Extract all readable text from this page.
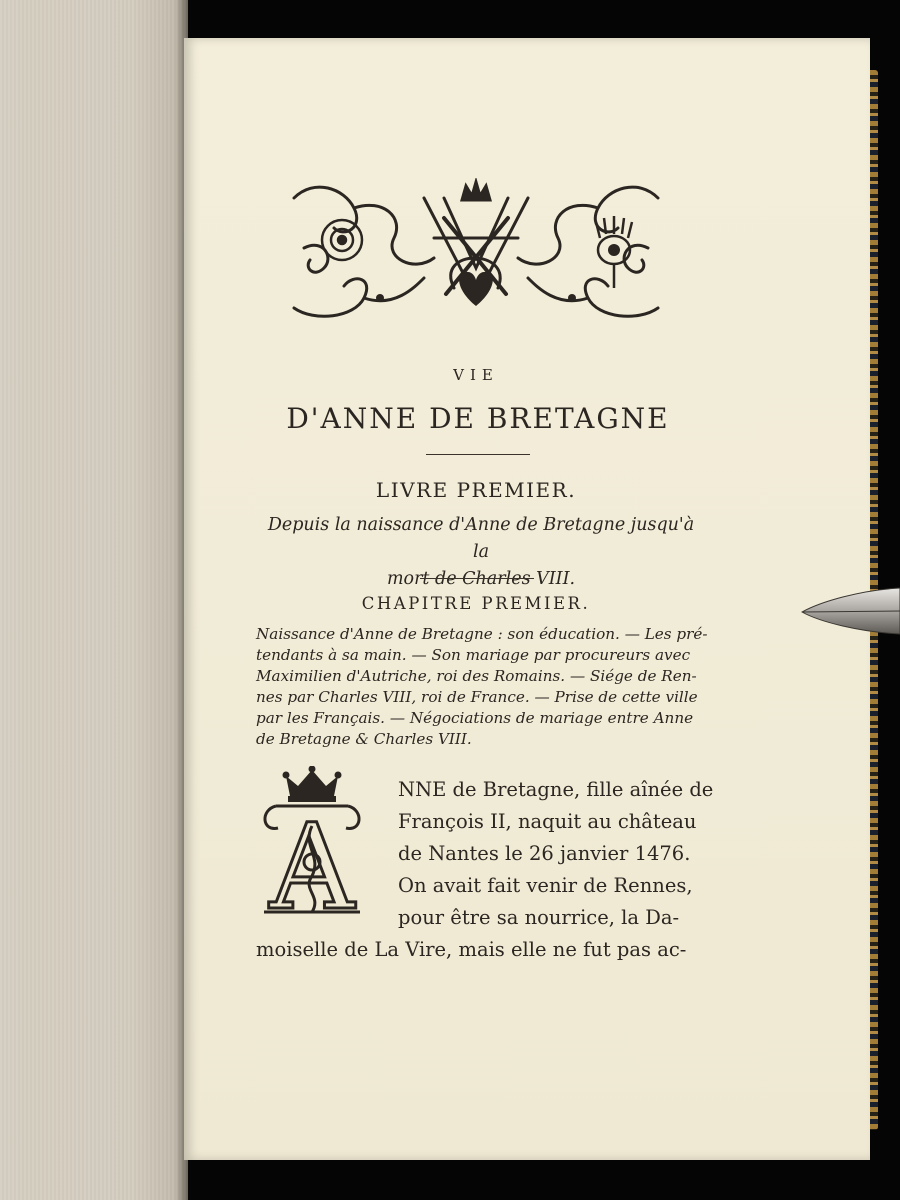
VIE
D'ANNE DE BRETAGNE
LIVRE PREMIER.
Depuis la naissance d'Anne de Bretagne jusqu'à la
mort de Charles VIII.
CHAPITRE PREMIER.
Naissance d'Anne de Bretagne : son éducation. — Les pré-
tendants à sa main. — Son mariage par procureurs avec
Maximilien d'Autriche, roi des Romains. — Siége de Ren-
nes par Charles VIII, roi de France. — Prise de cette ville
par les Français. — Négociations de mariage entre Anne
de Bretagne & Charles VIII.
A
NNE de Bretagne, fille aînée de
François II, naquit au château
de Nantes le 26 janvier 1476.
On avait fait venir de Rennes,
pour être sa nourrice, la Da-
moiselle de La Vire, mais elle ne fut pas ac-
